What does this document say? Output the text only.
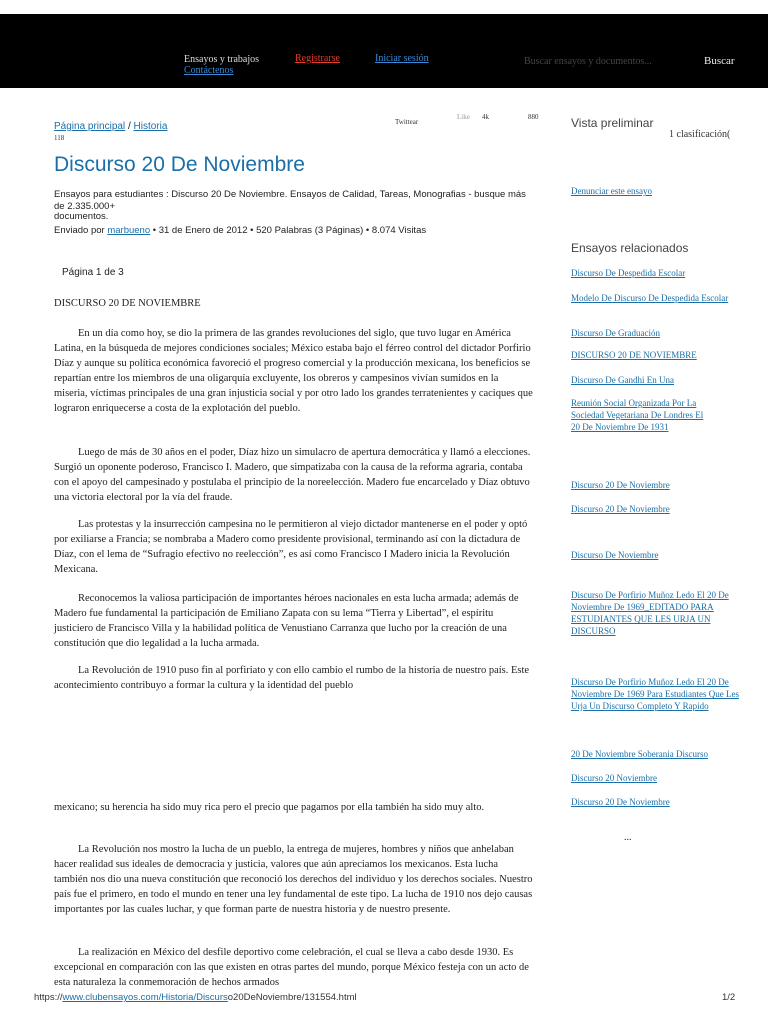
Ensayos y trabajos	Registrarse	Iniciar sesión
Contáctenos
Buscar ensayos y documentos...	Buscar
Página principal / Historia
118
Twittear
Like 4k	880	Vista preliminar
1 clasificación(
Discurso 20 De Noviembre
Ensayos para estudiantes : Discurso 20 De Noviembre. Ensayos de Calidad, Tareas, Monografias - busque más de 2.335.000+
documentos.
Enviado por marbueno • 31 de Enero de 2012 • 520 Palabras (3 Páginas) • 8.074 Visitas
Página 1 de 3

DISCURSO 20 DE NOVIEMBRE

En un día como hoy, se dio la primera de las grandes revoluciones del siglo, que tuvo lugar en América Latina, en la búsqueda de mejores condiciones sociales; México estaba bajo el férreo control del dictador Porfirio Díaz y aunque su política económica favoreció el progreso comercial y la producción mexicana, los beneficios se repartían entre los miembros de una oligarquía excluyente, los obreros y campesinos vivían sumidos en la miseria, víctimas principales de una gran injusticia social y por otro lado los grandes terratenientes y caciques que lograron enriquecerse a costa de la explotación del pueblo.

Luego de más de 30 años en el poder, Díaz hizo un simulacro de apertura democrática y llamó a elecciones. Surgió un oponente poderoso, Francisco I. Madero, que simpatizaba con la causa de la reforma agraria, contaba con el apoyo del campesinado y postulaba el principio de la noreelección. Madero fue encarcelado y Díaz obtuvo una victoria electoral por la vía del fraude.

Las protestas y la insurrección campesina no le permitieron al viejo dictador mantenerse en el poder y optó por exiliarse a Francia; se nombraba a Madero como presidente provisional, terminando así con la dictadura de Díaz, con el lema de “Sufragio efectivo no reelección”, es así como Francisco I Madero inicia la Revolución Mexicana.

Reconocemos la valiosa participación de importantes héroes nacionales en esta lucha armada; además de Madero fue fundamental la participación de Emiliano Zapata con su lema “Tierra y Libertad”, el espíritu justiciero de Francisco Villa y la habilidad política de Venustiano Carranza que lucho por la creación de una constitución que dio legalidad a la lucha armada.

La Revolución de 1910 puso fin al porfiriato y con ello cambio el rumbo de la historia de nuestro país. Este acontecimiento contribuyo a formar la cultura y la identidad del pueblo

mexicano; su herencia ha sido muy rica pero el precio que pagamos por ella también ha sido muy alto.

La Revolución nos mostro la lucha de un pueblo, la entrega de mujeres, hombres y niños que anhelaban hacer realidad sus ideales de democracia y justicia, valores que aún apreciamos los mexicanos. Esta lucha también nos dio una nueva constitución que reconoció los derechos del individuo y los derechos sociales. Nuestro país fue el primero, en todo el mundo en tener una ley fundamental de este tipo. La lucha de 1910 nos dejo causas importantes por las cuales luchar, y que forman parte de nuestra historia y de nuestro presente.

La realización en México del desfile deportivo come celebración, el cual se lleva a cabo desde 1930. Es excepcional en comparación con las que existen en otras partes del mundo, porque México festeja con un acto de esta naturaleza la conmemoración de hechos armados

Denunciar este ensayo
Ensayos relacionados
Discurso De Despedida Escolar
Modelo De Discurso De Despedida Escolar
Discurso De Graduación
DISCURSO 20 DE NOVIEMBRE
Discurso De Gandhi En Una
Reunión Social Organizada Por La Sociedad Vegetariana De Londres El 20 De Noviembre De 1931
Discurso 20 De Noviembre Discurso 20 De Noviembre
Discurso De Noviembre
Discurso De Porfirio Muñoz Ledo El 20 De Noviembre De 1969_EDITADO PARA ESTUDIANTES QUE LES URJA UN DISCURSO
Discurso De Porfirio Muñoz Ledo El 20 De Noviembre De 1969 Para Estudiantes Que Les Urja Un Discurso Completo Y Rapido
20 De Noviembre Soberania Discurso
Discurso 20 Noviembre
Discurso 20 De Noviembre
...
https://www.clubensayos.com/Historia/Discurso20DeNoviembre/131554.html	1/2
